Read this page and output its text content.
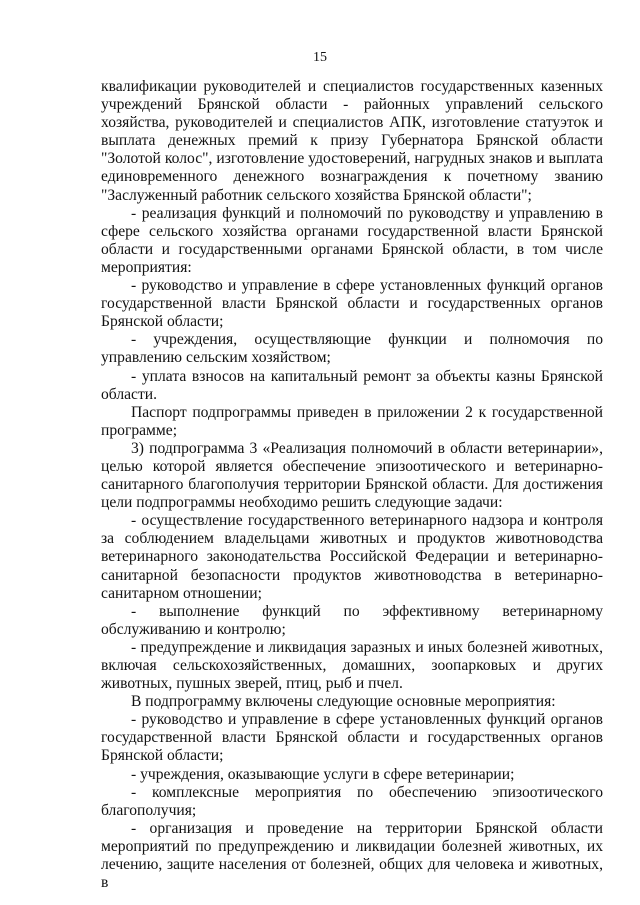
15

квалификации руководителей и специалистов государственных казенных учреждений Брянской области - районных управлений сельского хозяйства, руководителей и специалистов АПК, изготовление статуэток и выплата денежных премий к призу Губернатора Брянской области "Золотой колос", изготовление удостоверений, нагрудных знаков и выплата единовременного денежного вознаграждения к почетному званию "Заслуженный работник сельского хозяйства Брянской области";

- реализация функций и полномочий по руководству и управлению в сфере сельского хозяйства органами государственной власти Брянской области и государственными органами Брянской области, в том числе мероприятия:

- руководство и управление в сфере установленных функций органов государственной власти Брянской области и государственных органов Брянской области;

- учреждения, осуществляющие функции и полномочия по управлению сельским хозяйством;

- уплата взносов на капитальный ремонт за объекты казны Брянской области.

Паспорт подпрограммы приведен в приложении 2 к государственной программе;

3) подпрограмма 3 «Реализация полномочий в области ветеринарии», целью которой является обеспечение эпизоотического и ветеринарно-санитарного благополучия территории Брянской области. Для достижения цели подпрограммы необходимо решить следующие задачи:

- осуществление государственного ветеринарного надзора и контроля за соблюдением владельцами животных и продуктов животноводства ветеринарного законодательства Российской Федерации и ветеринарно-санитарной безопасности продуктов животноводства в ветеринарно-санитарном отношении;

- выполнение функций по эффективному ветеринарному обслуживанию и контролю;

- предупреждение и ликвидация заразных и иных болезней животных, включая сельскохозяйственных, домашних, зоопарковых и других животных, пушных зверей, птиц, рыб и пчел.

В подпрограмму включены следующие основные мероприятия:

- руководство и управление в сфере установленных функций органов государственной власти Брянской области и государственных органов Брянской области;

- учреждения, оказывающие услуги в сфере ветеринарии;

- комплексные мероприятия по обеспечению эпизоотического благополучия;

- организация и проведение на территории Брянской области мероприятий по предупреждению и ликвидации болезней животных, их лечению, защите населения от болезней, общих для человека и животных, в
